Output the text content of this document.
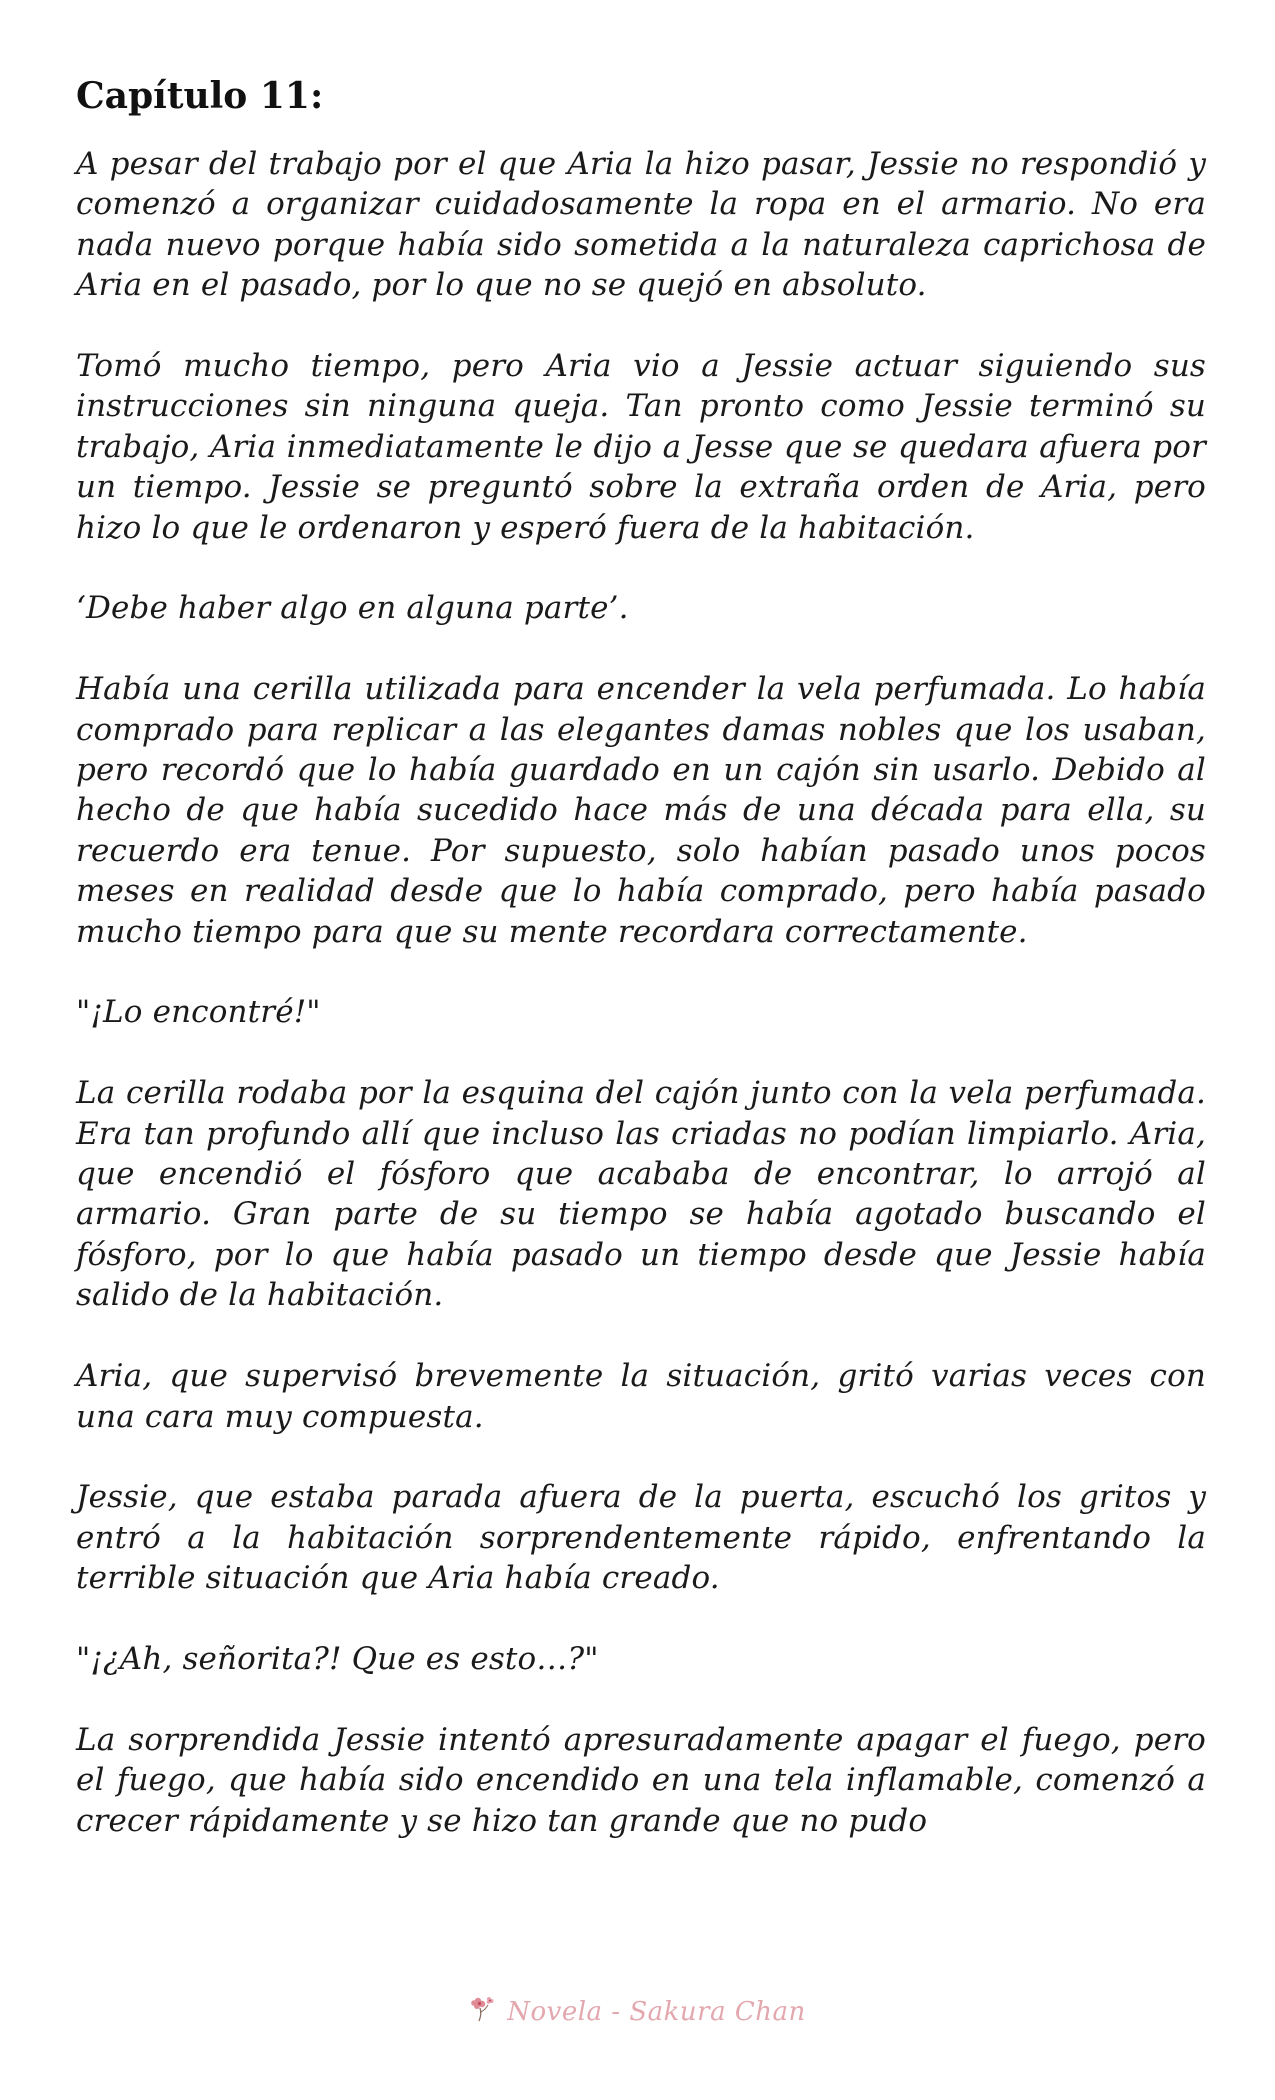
Capítulo 11:

A pesar del trabajo por el que Aria la hizo pasar, Jessie no respondió y comenzó a organizar cuidadosamente la ropa en el armario. No era nada nuevo porque había sido sometida a la naturaleza caprichosa de Aria en el pasado, por lo que no se quejó en absoluto.

Tomó mucho tiempo, pero Aria vio a Jessie actuar siguiendo sus instrucciones sin ninguna queja. Tan pronto como Jessie terminó su trabajo, Aria inmediatamente le dijo a Jesse que se quedara afuera por un tiempo. Jessie se preguntó sobre la extraña orden de Aria, pero hizo lo que le ordenaron y esperó fuera de la habitación.

‘Debe haber algo en alguna parte’.

Había una cerilla utilizada para encender la vela perfumada. Lo había comprado para replicar a las elegantes damas nobles que los usaban, pero recordó que lo había guardado en un cajón sin usarlo. Debido al hecho de que había sucedido hace más de una década para ella, su recuerdo era tenue. Por supuesto, solo habían pasado unos pocos meses en realidad desde que lo había comprado, pero había pasado mucho tiempo para que su mente recordara correctamente.

"¡Lo encontré!"

La cerilla rodaba por la esquina del cajón junto con la vela perfumada. Era tan profundo allí que incluso las criadas no podían limpiarlo. Aria, que encendió el fósforo que acababa de encontrar, lo arrojó al armario. Gran parte de su tiempo se había agotado buscando el fósforo, por lo que había pasado un tiempo desde que Jessie había salido de la habitación.

Aria, que supervisó brevemente la situación, gritó varias veces con una cara muy compuesta.

Jessie, que estaba parada afuera de la puerta, escuchó los gritos y entró a la habitación sorprendentemente rápido, enfrentando la terrible situación que Aria había creado.

"¡¿Ah, señorita?! Que es esto…?"

La sorprendida Jessie intentó apresuradamente apagar el fuego, pero el fuego, que había sido encendido en una tela inflamable, comenzó a crecer rápidamente y se hizo tan grande que no pudo

Novela - Sakura Chan
